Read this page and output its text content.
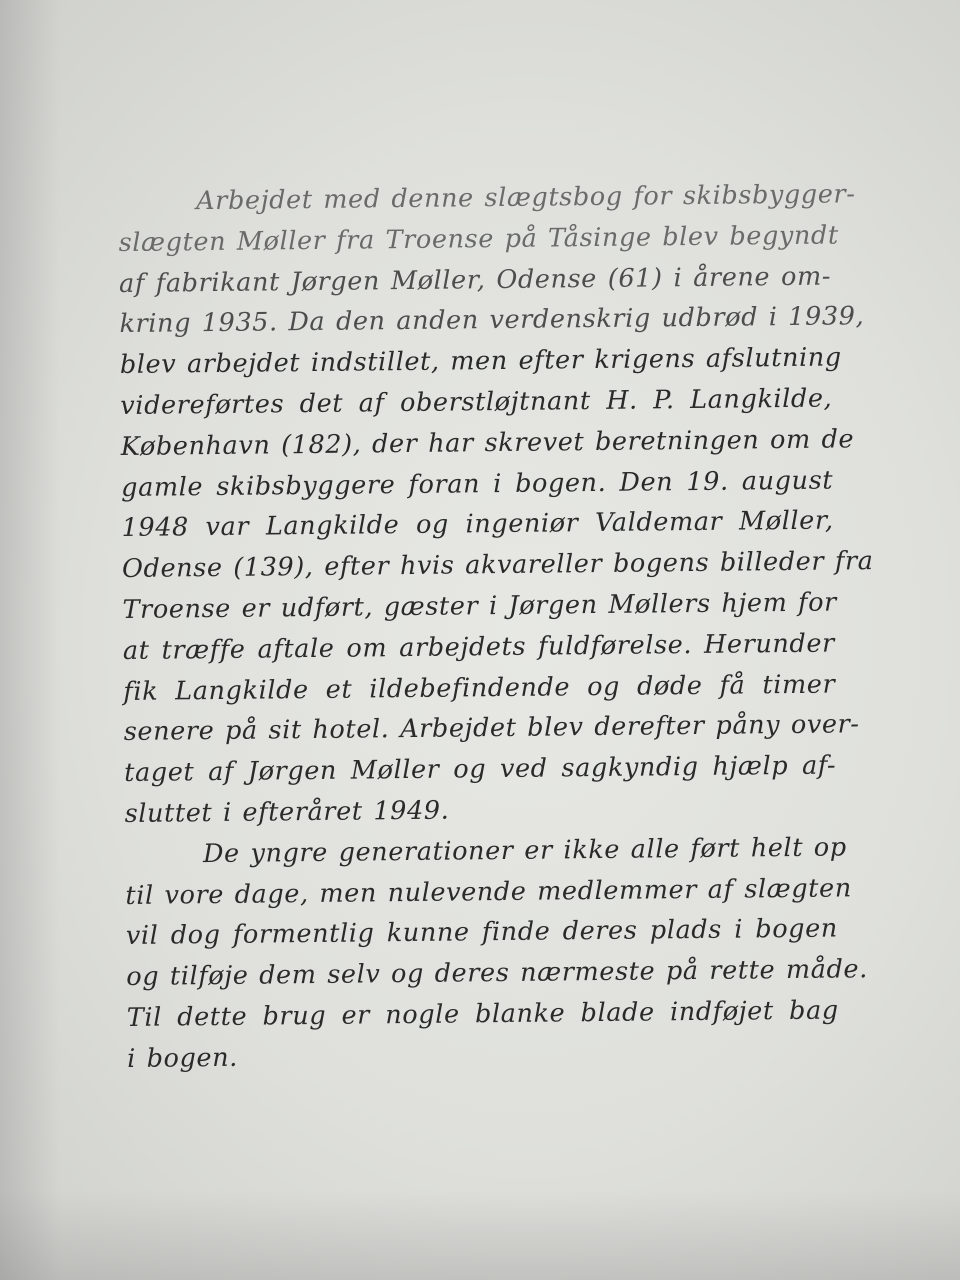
Arbejdet med denne slægtsbog for skibsbygger-
slægten Møller fra Troense på Tåsinge blev begyndt
af fabrikant Jørgen Møller, Odense (61) i årene om-
kring 1935. Da den anden verdenskrig udbrød i 1939,
blev arbejdet indstillet, men efter krigens afslutning
videreførtes det af oberstløjtnant H. P. Langkilde,
København (182), der har skrevet beretningen om de
gamle skibsbyggere foran i bogen. Den 19. august
1948 var Langkilde og ingeniør Valdemar Møller,
Odense (139), efter hvis akvareller bogens billeder fra
Troense er udført, gæster i Jørgen Møllers hjem for
at træffe aftale om arbejdets fuldførelse. Herunder
fik Langkilde et ildebefindende og døde få timer
senere på sit hotel. Arbejdet blev derefter påny over-
taget af Jørgen Møller og ved sagkyndig hjælp af-
sluttet i efteråret 1949.
De yngre generationer er ikke alle ført helt op
til vore dage, men nulevende medlemmer af slægten
vil dog formentlig kunne finde deres plads i bogen
og tilføje dem selv og deres nærmeste på rette måde.
Til dette brug er nogle blanke blade indføjet bag
i bogen.
